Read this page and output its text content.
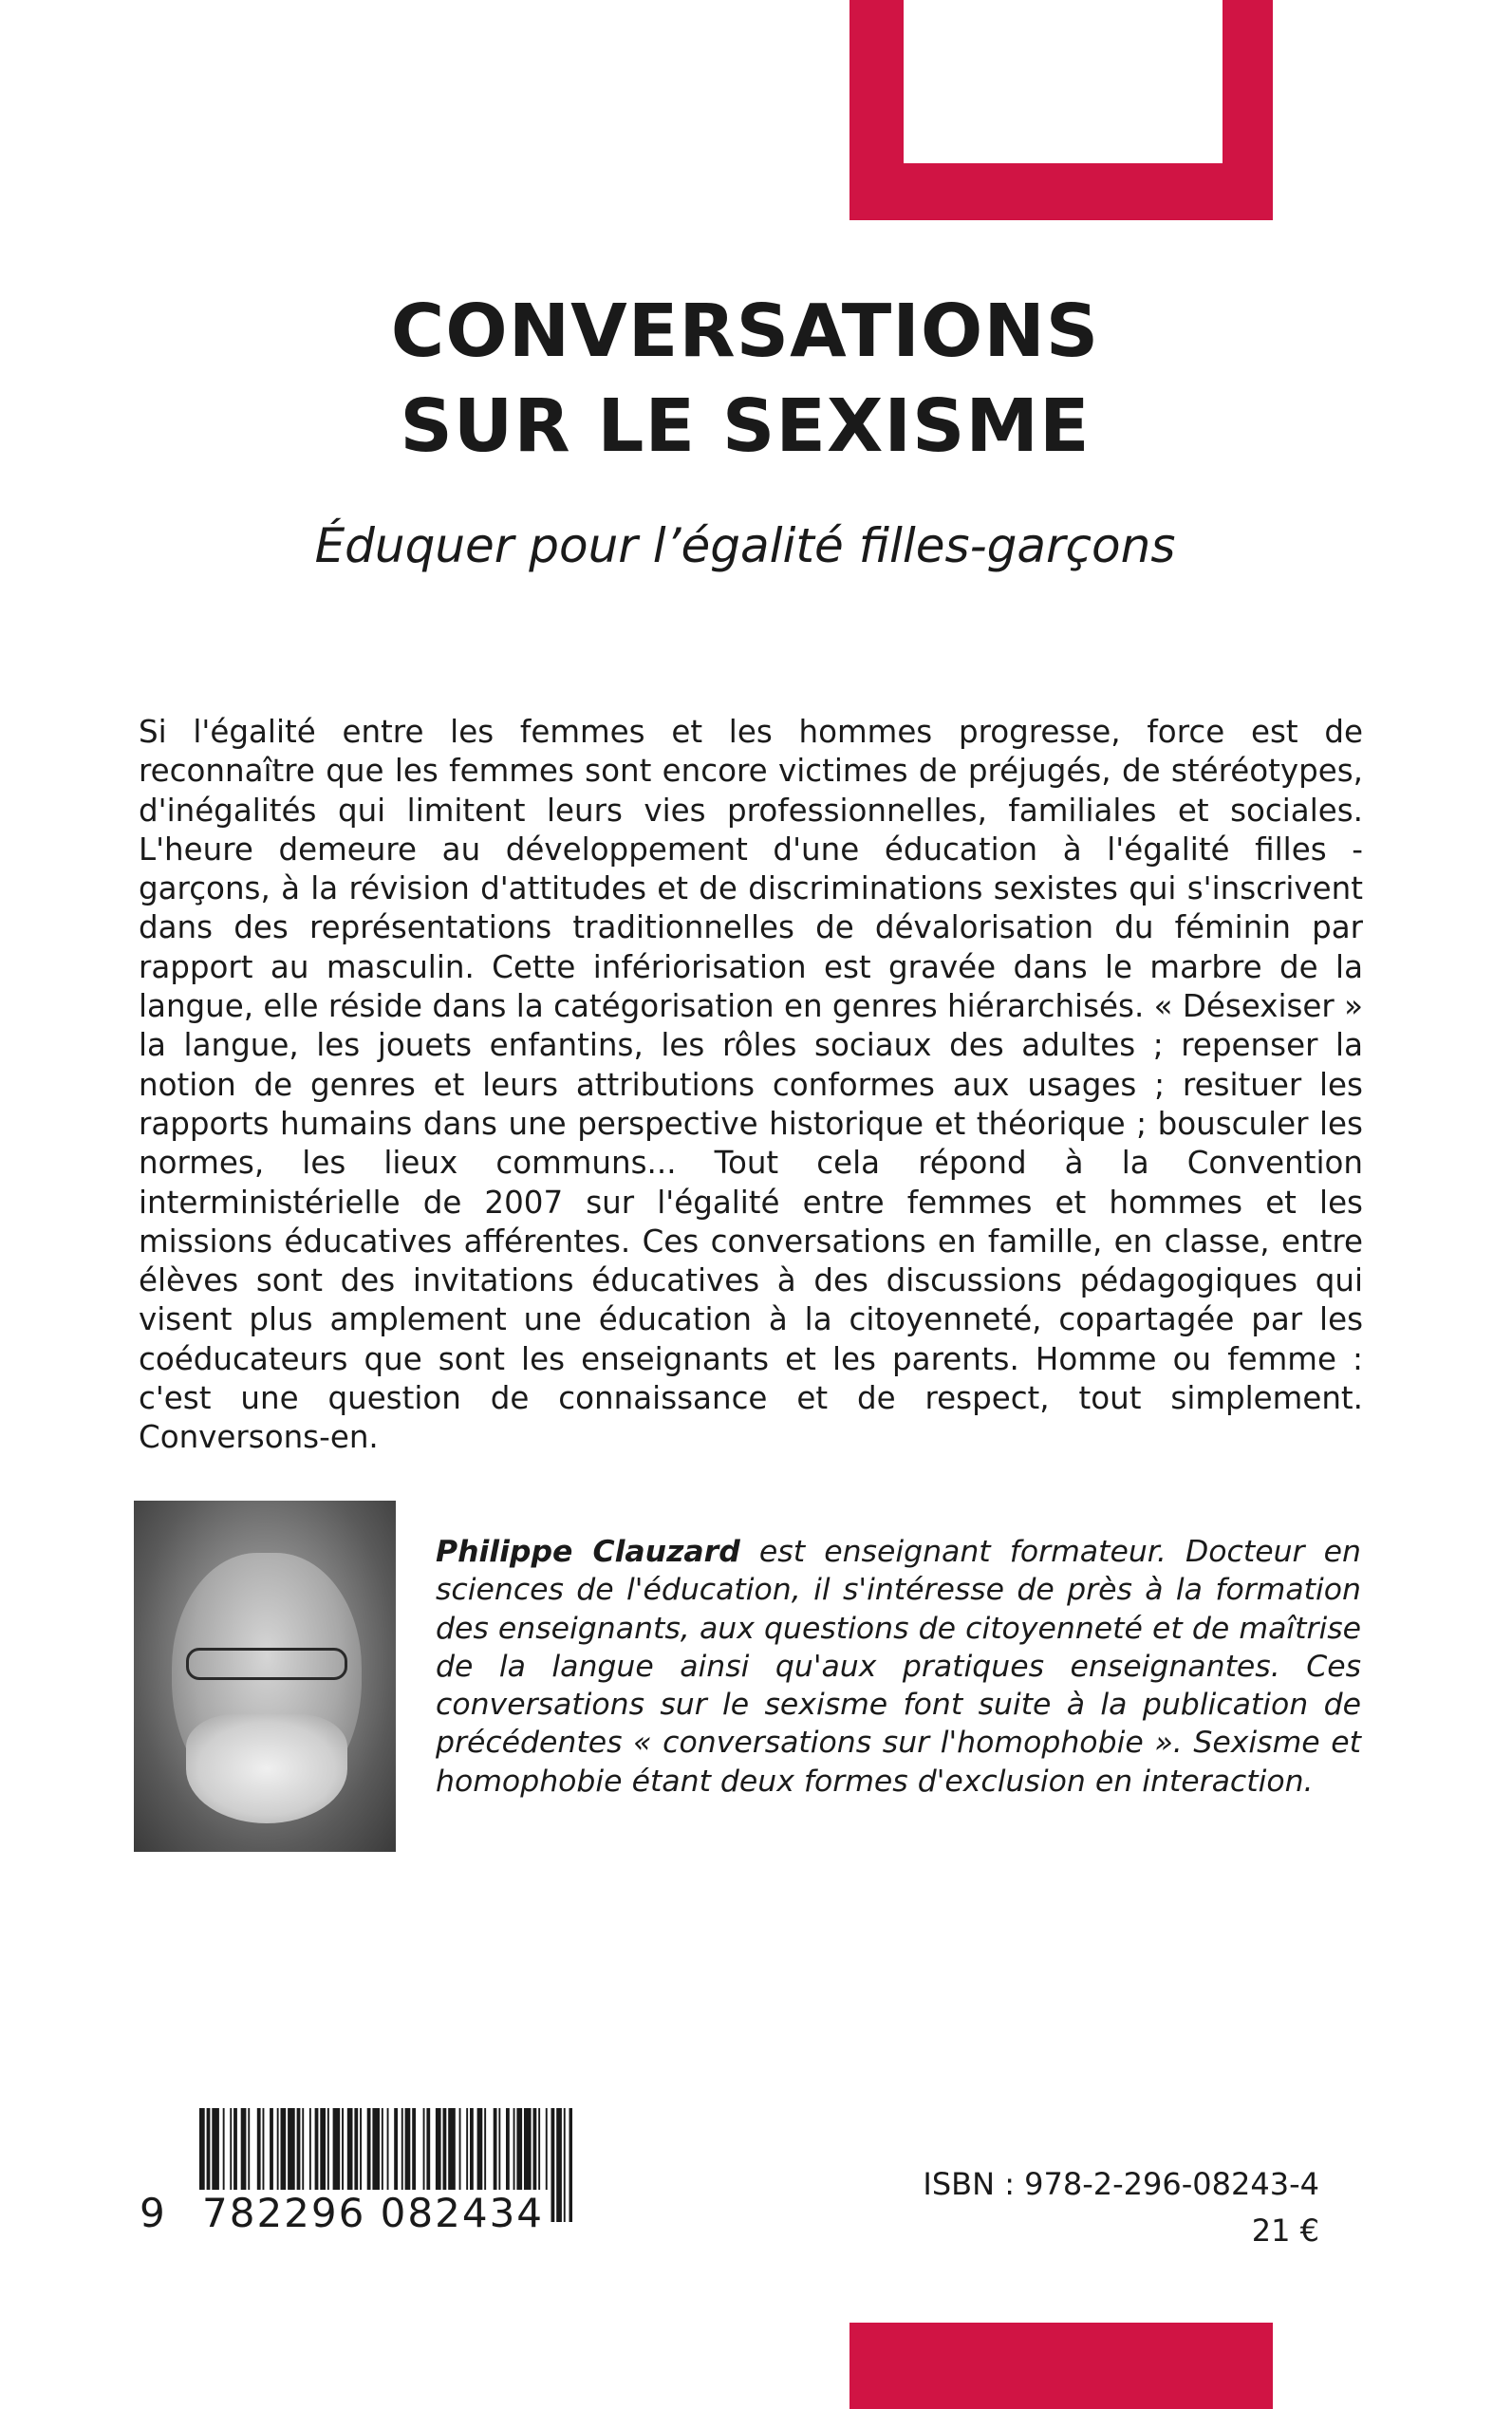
CONVERSATIONS
SUR LE SEXISME
Éduquer pour l’égalité filles-garçons

Si l'égalité entre les femmes et les hommes progresse, force est de reconnaître que les femmes sont encore victimes de préjugés, de stéréotypes, d'inégalités qui limitent leurs vies professionnelles, familiales et sociales. L'heure demeure au développement d'une éducation à l'égalité filles - garçons, à la révision d'attitudes et de discriminations sexistes qui s'inscrivent dans des représentations traditionnelles de dévalorisation du féminin par rapport au masculin. Cette infériorisation est gravée dans le marbre de la langue, elle réside dans la catégorisation en genres hiérarchisés. « Désexiser » la langue, les jouets enfantins, les rôles sociaux des adultes ; repenser la notion de genres et leurs attributions conformes aux usages ; resituer les rapports humains dans une perspective historique et théorique ; bousculer les normes, les lieux communs... Tout cela répond à la Convention interministérielle de 2007 sur l'égalité entre femmes et hommes et les missions éducatives afférentes. Ces conversations en famille, en classe, entre élèves sont des invitations éducatives à des discussions pédagogiques qui visent plus amplement une éducation à la citoyenneté, copartagée par les coéducateurs que sont les enseignants et les parents. Homme ou femme : c'est une question de connaissance et de respect, tout simplement. Conversons-en.

Philippe Clauzard est enseignant formateur. Docteur en sciences de l'éducation, il s'intéresse de près à la formation des enseignants, aux questions de citoyenneté et de maîtrise de la langue ainsi qu'aux pratiques enseignantes. Ces conversations sur le sexisme font suite à la publication de précédentes « conversations sur l'homophobie ». Sexisme et homophobie étant deux formes d'exclusion en interaction.

9 782296 082434
ISBN : 978-2-296-08243-4
21 €
